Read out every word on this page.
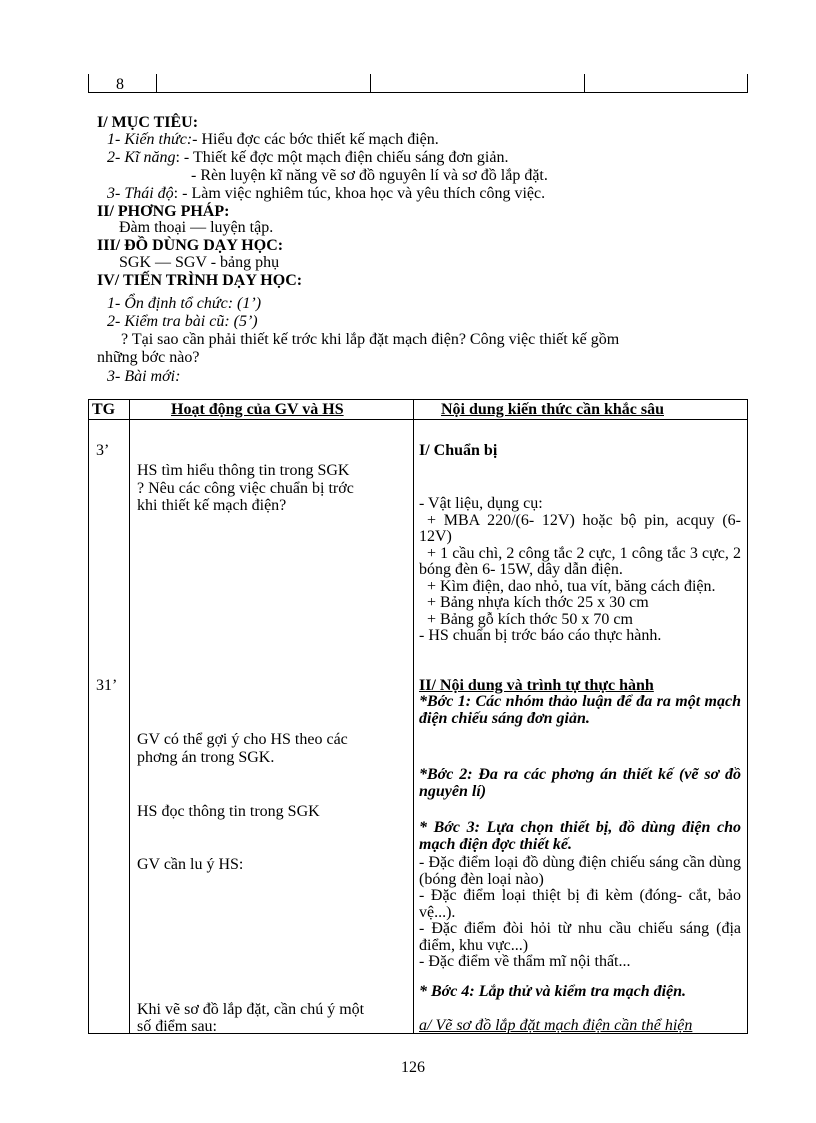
8
I/ MỤC TIÊU:
1- Kiến thức:- Hiểu đợc các bớc thiết kế mạch điện.
2- Kĩ năng: - Thiết kế đợc một mạch điện chiếu sáng đơn giản.
- Rèn luyện kĩ năng vẽ sơ đồ nguyên lí và sơ đồ lắp đặt.
3- Thái độ: - Làm việc nghiêm túc, khoa học và yêu thích công việc.
II/ PHƠNG PHÁP:
Đàm thoại — luyện tập.
III/ ĐỒ DÙNG DẠY HỌC:
SGK — SGV - bảng phụ
IV/ TIẾN TRÌNH DẠY HỌC:
1- Ổn định tổ chức: (1’)
2- Kiểm tra bài cũ: (5’)
? Tại sao cần phải thiết kế trớc khi lắp đặt mạch điện? Công việc thiết kế gồm
những bớc nào?
3- Bài mới:
TG	Hoạt động của GV và HS	Nội dung kiến thức cần khắc sâu
3’
31’
HS tìm hiểu thông tin trong SGK
? Nêu các công việc chuẩn bị trớc
khi thiết kế mạch điện?
GV có thể gợi ý cho HS theo các
phơng án trong SGK.
HS đọc thông tin trong SGK
GV cần lu ý HS:
Khi vẽ sơ đồ lắp đặt, cần chú ý một
số điểm sau:
I/ Chuẩn bị

- Vật liệu, dụng cụ:

+ MBA 220/(6- 12V) hoặc bộ pin, acquy (6- 12V)

+ 1 cầu chì, 2 công tắc 2 cực, 1 công tắc 3 cực, 2 bóng đèn 6- 15W, dây dẫn điện.

+ Kìm điện, dao nhỏ, tua vít, băng cách điện.

+ Bảng nhựa kích thớc 25 x 30 cm

+ Bảng gỗ kích thớc 50 x 70 cm

- HS chuẩn bị trớc báo cáo thực hành.

II/ Nội dung và trình tự thực hành

*Bớc 1: Các nhóm thảo luận để đa ra một mạch điện chiếu sáng đơn giản.

*Bớc 2: Đa ra các phơng án thiết kế (vẽ sơ đồ nguyên lí)

* Bớc 3: Lựa chọn thiết bị, đồ dùng điện cho mạch điện đợc thiết kế.

- Đặc điểm loại đồ dùng điện chiếu sáng cần dùng (bóng đèn loại nào)

- Đặc điểm loại thiệt bị đi kèm (đóng- cắt, bảo vệ...).

- Đặc điểm đòi hỏi từ nhu cầu chiếu sáng (địa điểm, khu vực...)

- Đặc điểm về thẩm mĩ nội thất...

* Bớc 4: Lắp thử và kiểm tra mạch điện.

a/ Vẽ sơ đồ lắp đặt mạch điện cần thể hiện
126
